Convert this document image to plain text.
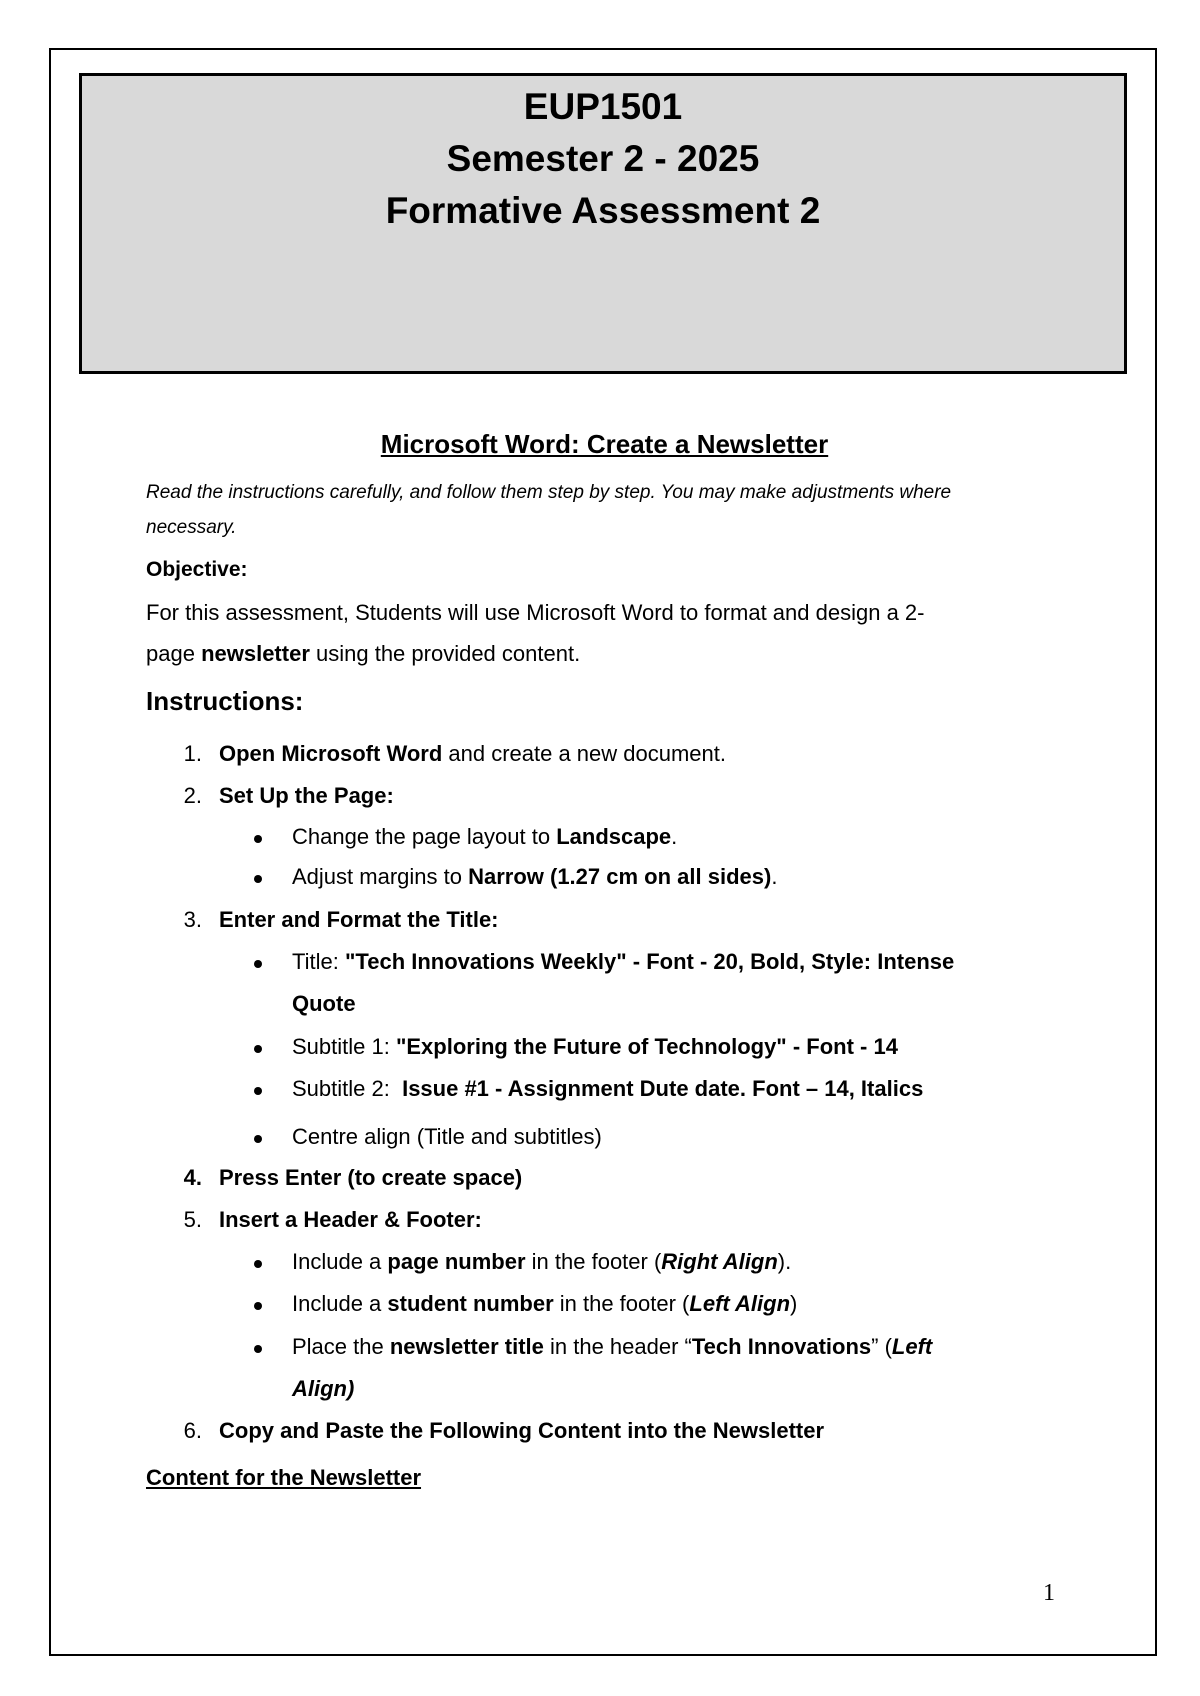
EUP1501
Semester 2 - 2025
Formative Assessment 2
Microsoft Word: Create a Newsletter
Read the instructions carefully, and follow them step by step. You may make adjustments where
necessary.
Objective:
For this assessment, Students will use Microsoft Word to format and design a 2-
page newsletter using the provided content.
Instructions:
1. Open Microsoft Word and create a new document.
2. Set Up the Page:
Change the page layout to Landscape.
Adjust margins to Narrow (1.27 cm on all sides).
3. Enter and Format the Title:
Title: "Tech Innovations Weekly" - Font - 20, Bold, Style: Intense
Quote
Subtitle 1: "Exploring the Future of Technology" - Font - 14
Subtitle 2:  Issue #1 - Assignment Dute date. Font – 14, Italics
Centre align (Title and subtitles)
4. Press Enter (to create space)
5. Insert a Header & Footer:
Include a page number in the footer (Right Align).
Include a student number in the footer (Left Align)
Place the newsletter title in the header “Tech Innovations” (Left
Align)
6. Copy and Paste the Following Content into the Newsletter
Content for the Newsletter
1
